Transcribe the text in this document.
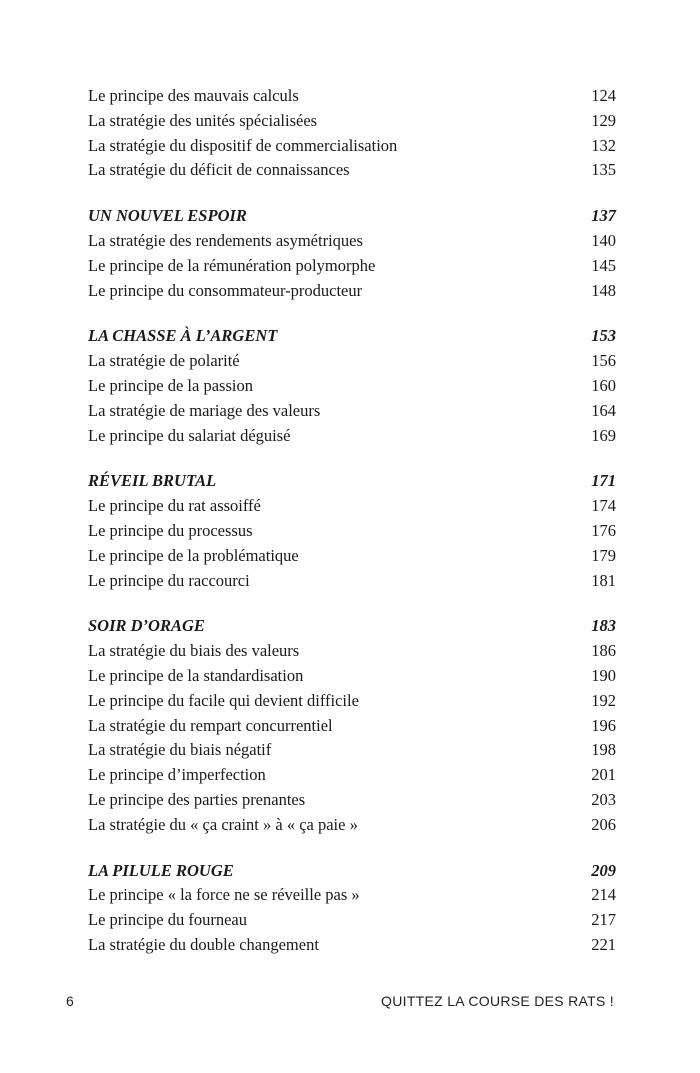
Le principe des mauvais calculs	124
La stratégie des unités spécialisées	129
La stratégie du dispositif de commercialisation	132
La stratégie du déficit de connaissances	135
UN NOUVEL ESPOIR	137
La stratégie des rendements asymétriques	140
Le principe de la rémunération polymorphe	145
Le principe du consommateur-producteur	148
LA CHASSE À L’ARGENT	153
La stratégie de polarité	156
Le principe de la passion	160
La stratégie de mariage des valeurs	164
Le principe du salariat déguisé	169
RÉVEIL BRUTAL	171
Le principe du rat assoiffé	174
Le principe du processus	176
Le principe de la problématique	179
Le principe du raccourci	181
SOIR D’ORAGE	183
La stratégie du biais des valeurs	186
Le principe de la standardisation	190
Le principe du facile qui devient difficile	192
La stratégie du rempart concurrentiel	196
La stratégie du biais négatif	198
Le principe d’imperfection	201
Le principe des parties prenantes	203
La stratégie du « ça craint » à « ça paie »	206
LA PILULE ROUGE	209
Le principe « la force ne se réveille pas »	214
Le principe du fourneau	217
La stratégie du double changement	221
6	QUITTEZ LA COURSE DES RATS !
